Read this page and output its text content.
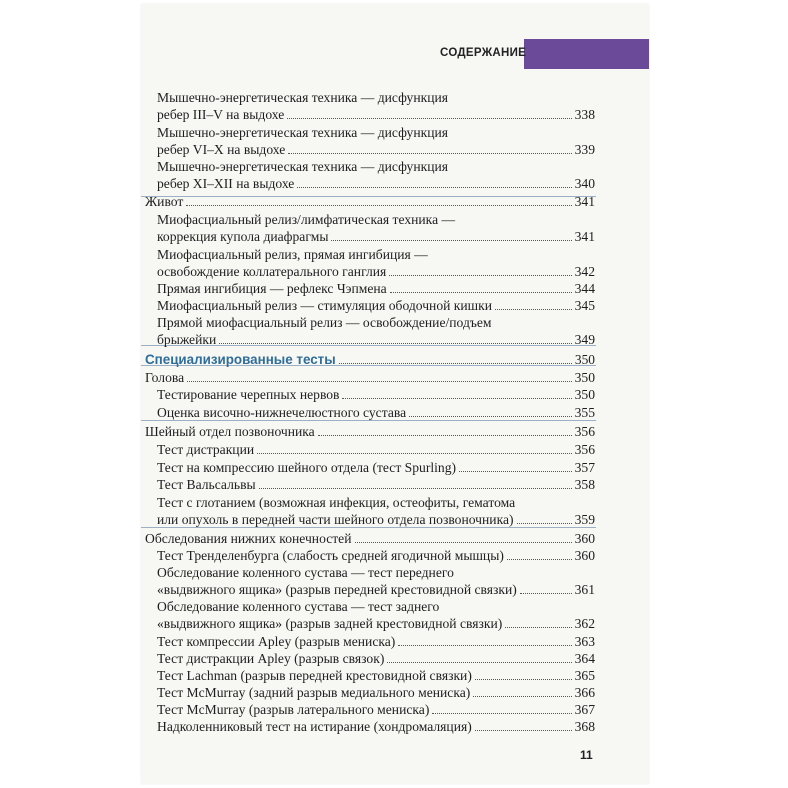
СОДЕРЖАНИЕ
Мышечно-энергетическая техника — дисфункция
ребер III–V на выдохе	338
Мышечно-энергетическая техника — дисфункция
ребер VI–X на выдохе	339
Мышечно-энергетическая техника — дисфункция
ребер XI–XII на выдохе	340
Живот	341
Миофасциальный релиз/лимфатическая техника —
коррекция купола диафрагмы	341
Миофасциальный релиз, прямая ингибиция —
освобождение коллатерального ганглия	342
Прямая ингибиция — рефлекс Чэпмена	344
Миофасциальный релиз — стимуляция ободочной кишки	345
Прямой миофасциальный релиз — освобождение/подъем
брыжейки	349
Специализированные тесты	350
Голова	350
Тестирование черепных нервов	350
Оценка височно-нижнечелюстного сустава	355
Шейный отдел позвоночника	356
Тест дистракции	356
Тест на компрессию шейного отдела (тест Spurling)	357
Тест Вальсальвы	358
Тест с глотанием (возможная инфекция, остеофиты, гематома
или опухоль в передней части шейного отдела позвоночника)	359
Обследования нижних конечностей	360
Тест Тренделенбурга (слабость средней ягодичной мышцы)	360
Обследование коленного сустава — тест переднего
«выдвижного ящика» (разрыв передней крестовидной связки)	361
Обследование коленного сустава — тест заднего
«выдвижного ящика» (разрыв задней крестовидной связки)	362
Тест компрессии Apley (разрыв мениска)	363
Тест дистракции Apley (разрыв связок)	364
Тест Lachman (разрыв передней крестовидной связки)	365
Тест McMurray (задний разрыв медиального мениска)	366
Тест McMurray (разрыв латерального мениска)	367
Надколенниковый тест на истирание (хондромаляция)	368
11
